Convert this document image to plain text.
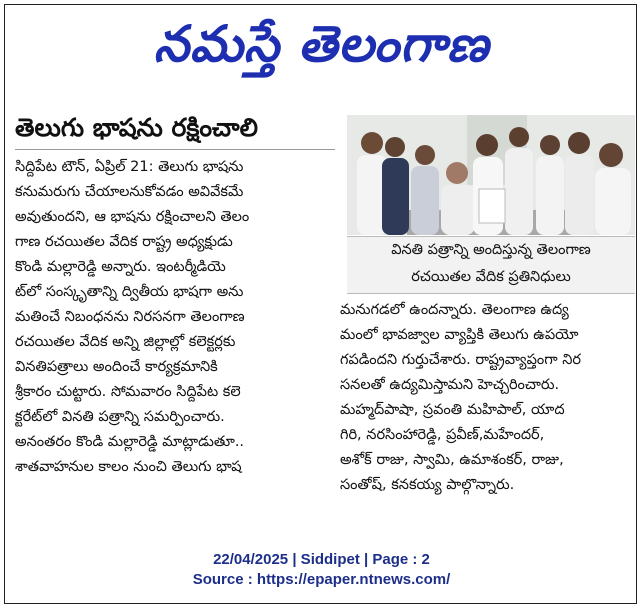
నమస్తే తెలంగాణ
తెలుగు భాషను రక్షించాలి
సిద్దిపేట టౌన్, ఏప్రిల్ 21: తెలుగు భాషను
కనుమరుగు చేయాలనుకోవడం అవివేకమే
అవుతుందని, ఆ భాషను రక్షించాలని తెలం
గాణ రచయితల వేదిక రాష్ట్ర అధ్యక్షుడు
కొండి మల్లారెడ్డి అన్నారు. ఇంటర్మీడియె
ట్‌లో సంస్కృతాన్ని ద్వితీయ భాషగా అను
మతించే నిబంధనను నిరసనగా తెలంగాణ
రచయితల వేదిక అన్ని జిల్లాల్లో కలెక్టర్లకు
వినతిపత్రాలు అందించే కార్యక్రమానికి
శ్రీకారం చుట్టారు. సోమవారం సిద్దిపేట కలె
క్టరేట్‌లో వినతి పత్రాన్ని సమర్పించారు.
అనంతరం కొండి మల్లారెడ్డి మాట్లాడుతూ..
శాతవాహనుల కాలం నుంచి తెలుగు భాష
వినతి పత్రాన్ని అందిస్తున్న తెలంగాణ
రచయితల వేదిక ప్రతినిధులు
మనుగడలో ఉందన్నారు. తెలంగాణ ఉద్య
మంలో భావజ్వాల వ్యాప్తికి తెలుగు ఉపయో
గపడిందని గుర్తుచేశారు. రాష్ట్రవ్యాప్తంగా నిర
సనలతో ఉద్యమిస్తామని హెచ్చరించారు.
మహ్మద్‌పాషా, స్రవంతి మహిపాల్, యాద
గిరి, నరసింహారెడ్డి, ప్రవీణ్,మహేందర్,
అశోక్ రాజు, స్వామి, ఉమాశంకర్, రాజు,
సంతోష్, కనకయ్య పాల్గొన్నారు.
22/04/2025 | Siddipet | Page : 2
Source : https://epaper.ntnews.com/
